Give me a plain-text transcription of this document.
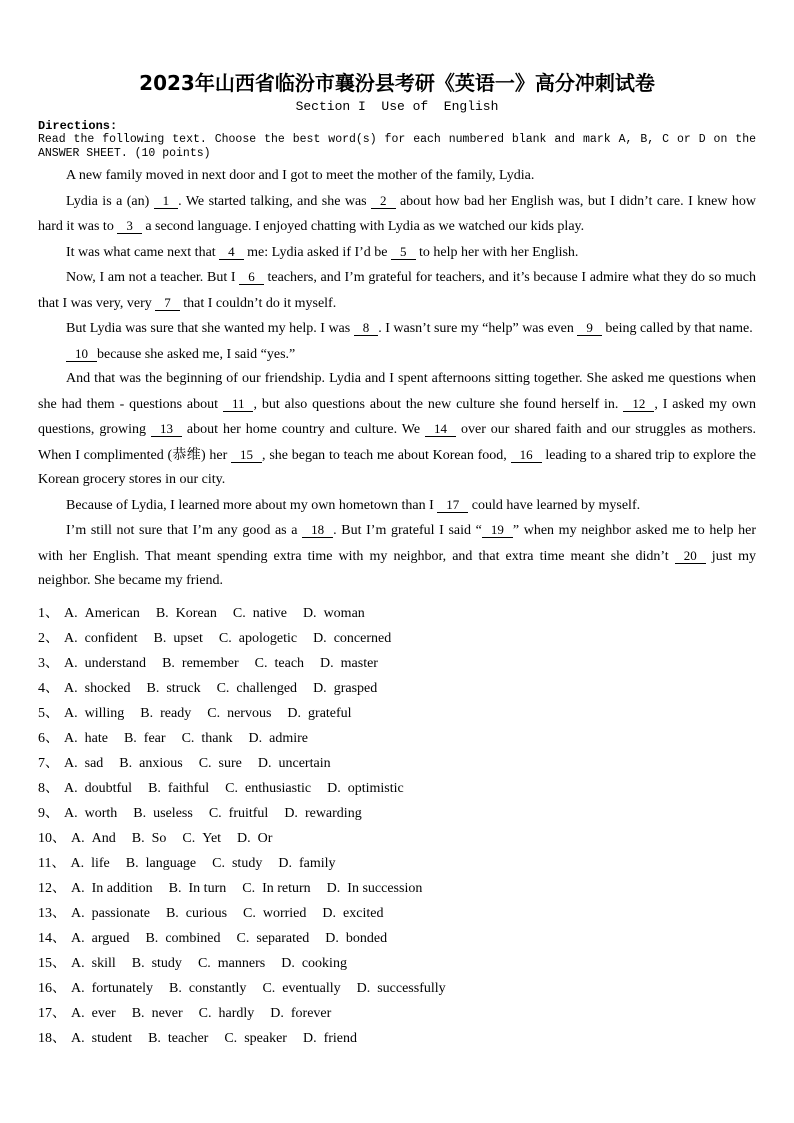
2023年山西省临汾市襄汾县考研《英语一》高分冲刺试卷
Section I  Use of  English
Directions:
Read the following text. Choose the best word(s) for each numbered blank and mark A, B, C or D on the ANSWER SHEET. (10 points)

A new family moved in next door and I got to meet the mother of the family, Lydia.

Lydia is a (an) 1 . We started talking, and she was 2 about how bad her English was, but I didn’t care. I knew how hard it was to 3 a second language. I enjoyed chatting with Lydia as we watched our kids play.

It was what came next that 4 me: Lydia asked if I’d be 5 to help her with her English.

Now, I am not a teacher. But I 6 teachers, and I’m grateful for teachers, and it’s because I admire what they do so much that I was very, very 7 that I couldn’t do it myself.

But Lydia was sure that she wanted my help. I was 8 . I wasn’t sure my “help” was even 9 being called by that name.

10 because she asked me, I said “yes.”

And that was the beginning of our friendship. Lydia and I spent afternoons sitting together. She asked me questions when she had them - questions about 11 , but also questions about the new culture she found herself in. 12 , I asked my own questions, growing 13 about her home country and culture. We 14 over our shared faith and our struggles as mothers. When I complimented (恭维) her 15 , she began to teach me about Korean food, 16 leading to a shared trip to explore the Korean grocery stores in our city.

Because of Lydia, I learned more about my own hometown than I 17 could have learned by myself.

I’m still not sure that I’m any good as a 18 . But I’m grateful I said “ 19 ” when my neighbor asked me to help her with her English. That meant spending extra time with my neighbor, and that extra time meant she didn’t 20 just my neighbor. She became my friend.

1、 A. American B. Korean C. native D. woman
2、 A. confident B. upset C. apologetic D. concerned
3、 A. understand B. remember C. teach D. master
4、 A. shocked B. struck C. challenged D. grasped
5、 A. willing B. ready C. nervous D. grateful
6、 A. hate B. fear C. thank D. admire
7、 A. sad B. anxious C. sure D. uncertain
8、 A. doubtful B. faithful C. enthusiastic D. optimistic
9、 A. worth B. useless C. fruitful D. rewarding
10、 A. And B. So C. Yet D. Or
11、 A. life B. language C. study D. family
12、 A. In addition B. In turn C. In return D. In succession
13、 A. passionate B. curious C. worried D. excited
14、 A. argued B. combined C. separated D. bonded
15、 A. skill B. study C. manners D. cooking
16、 A. fortunately B. constantly C. eventually D. successfully
17、 A. ever B. never C. hardly D. forever
18、 A. student B. teacher C. speaker D. friend
